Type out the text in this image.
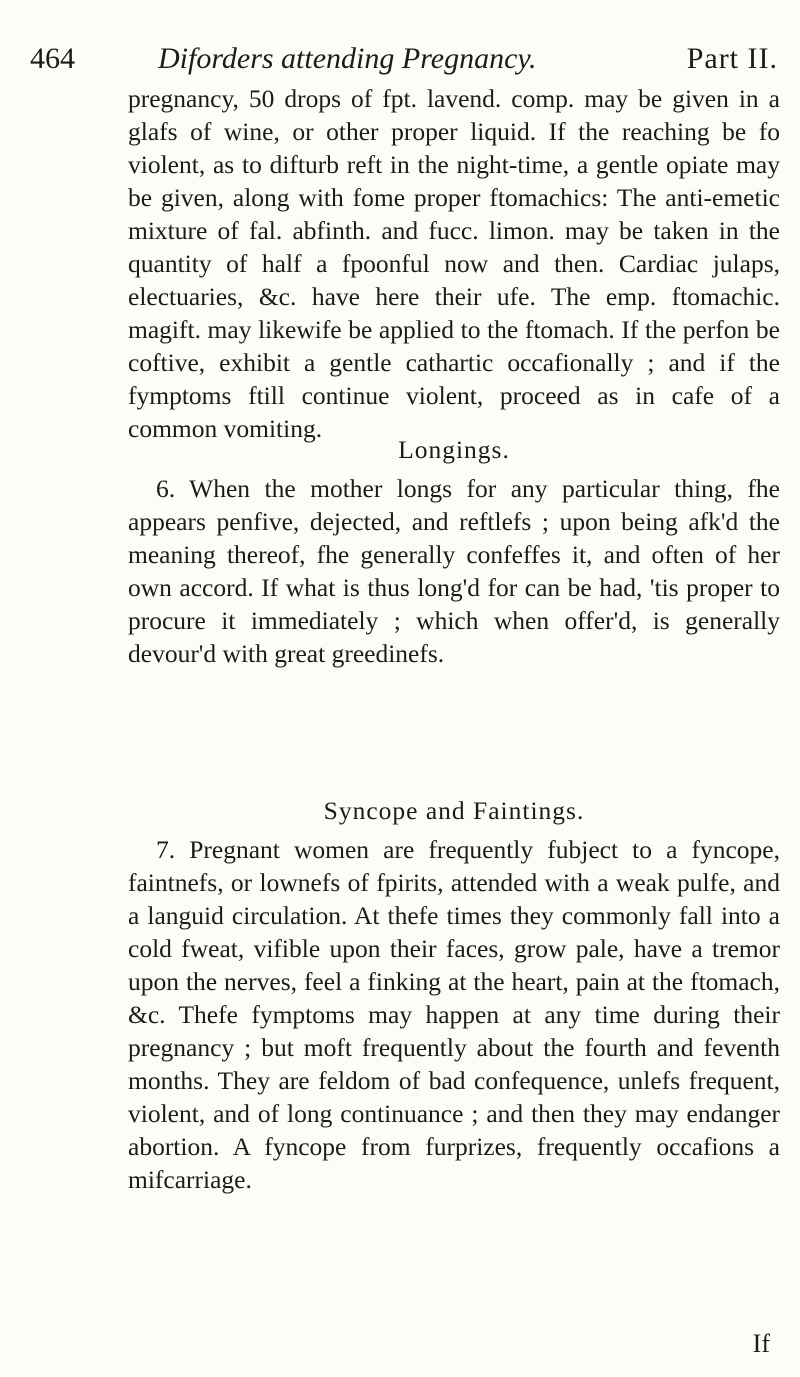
464	Diforders attending Pregnancy.	Part II.
pregnancy, 50 drops of fpt. lavend. comp. may be given in a glafs of wine, or other proper liquid. If the reaching be fo violent, as to difturb reft in the night-time, a gentle opiate may be given, along with fome proper ftomachics: The anti-emetic mixture of fal. abfinth. and fucc. limon. may be taken in the quantity of half a fpoonful now and then. Cardiac julaps, electuaries, &c. have here their ufe. The emp. ftomachic. magift. may likewife be applied to the ftomach. If the perfon be coftive, exhibit a gentle cathartic occafionally ; and if the fymptoms ftill continue violent, proceed as in cafe of a common vomiting.
Longings.
6. When the mother longs for any particular thing, fhe appears penfive, dejected, and reftlefs ; upon being afk'd the meaning thereof, fhe generally confeffes it, and often of her own accord. If what is thus long'd for can be had, 'tis proper to procure it immediately ; which when offer'd, is generally devour'd with great greedinefs.
Syncope and Faintings.
7. Pregnant women are frequently fubject to a fyncope, faintnefs, or lownefs of fpirits, attended with a weak pulfe, and a languid circulation. At thefe times they commonly fall into a cold fweat, vifible upon their faces, grow pale, have a tremor upon the nerves, feel a finking at the heart, pain at the ftomach, &c. Thefe fymptoms may happen at any time during their pregnancy ; but moft frequently about the fourth and feventh months. They are feldom of bad confequence, unlefs frequent, violent, and of long continuance ; and then they may endanger abortion. A fyncope from furprizes, frequently occafions a mifcarriage.
If
